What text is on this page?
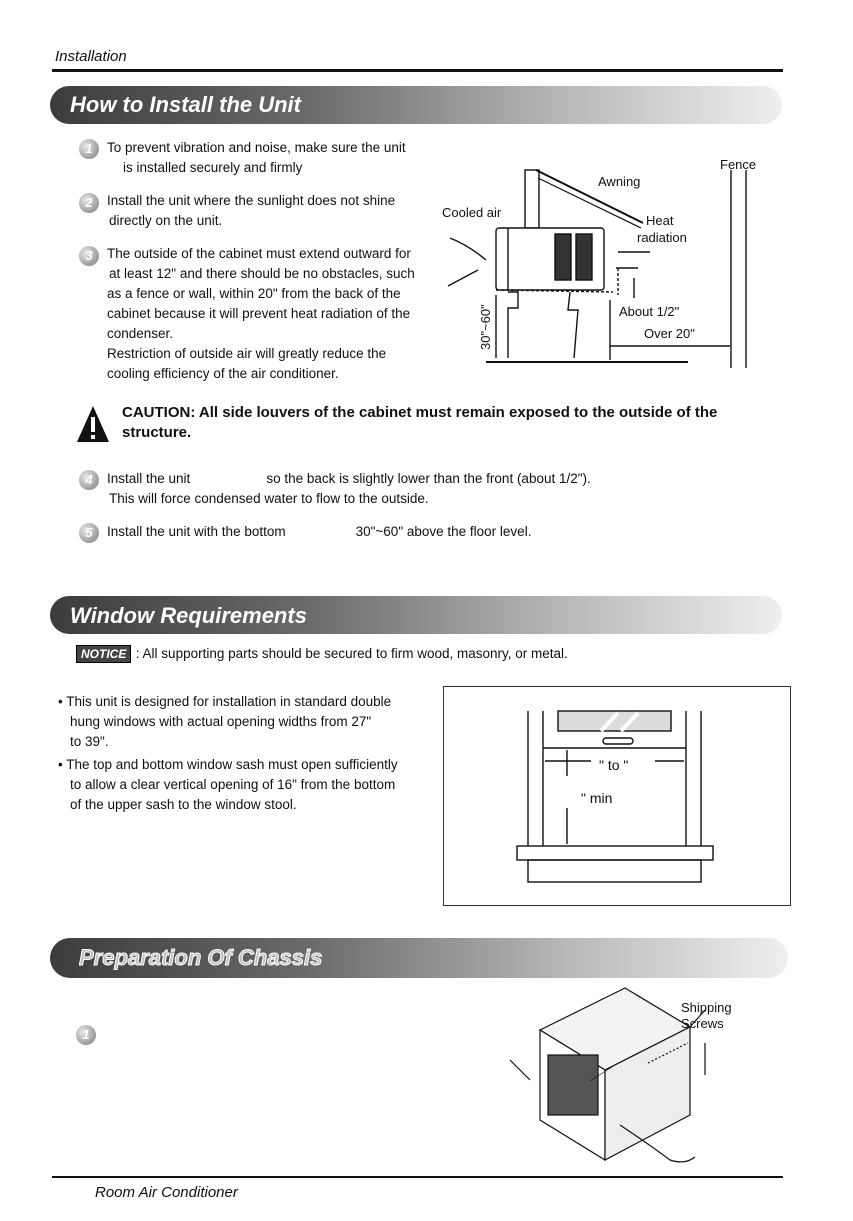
Installation
How to Install the Unit
1	To prevent vibration and noise, make sure the unit
is installed securely and firmly
2	Install the unit where the sunlight does not shine
directly on the unit.
3	The outside of the cabinet must extend outward for
at least 12" and there should be no obstacles, such
as a fence or wall, within 20" from the back of the
cabinet because it will prevent heat radiation of the
condenser.
Restriction of outside air will greatly reduce the
cooling efficiency of the air conditioner.
Fence
Awning
Cooled air
Heat
radiation
About 1/2"
Over 20"
30"~60"
CAUTION: All side louvers of the cabinet must remain exposed to the outside of the
structure.
4	Install the unit	so the back is slightly lower than the front (about 1/2").
This will force condensed water to flow to the outside.
5	Install the unit with the bottom	30"~60" above the floor level.
Window Requirements
NOTICE : All supporting parts should be secured to firm wood, masonry, or metal.
• This unit is designed for installation in standard double
hung windows with actual opening widths from 27"
to 39".
• The top and bottom window sash must open sufficiently
to allow a clear vertical opening of 16" from the bottom
of the upper sash to the window stool.
" to "
" min
Preparation Of Chassis
1
Shipping
Screws
Room Air Conditioner
